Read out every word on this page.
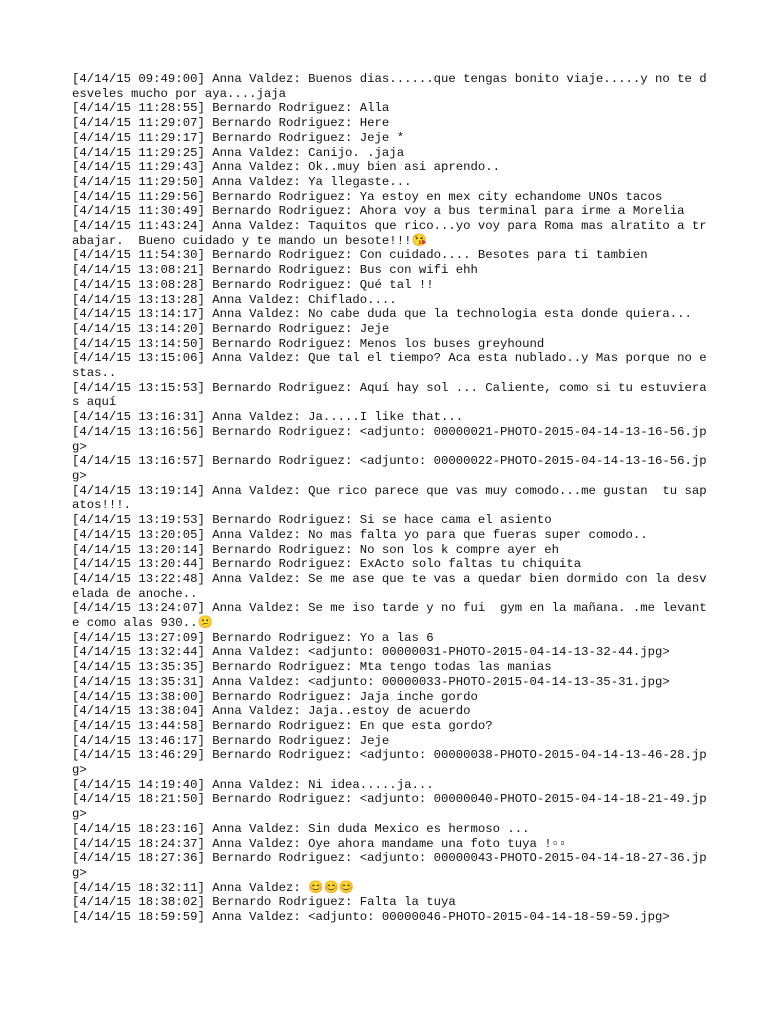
[4/14/15 09:49:00] Anna Valdez: Buenos dias......que tengas bonito viaje.....y no te desveles mucho por aya....jaja
[4/14/15 11:28:55] Bernardo Rodriguez: Alla
[4/14/15 11:29:07] Bernardo Rodriguez: Here
[4/14/15 11:29:17] Bernardo Rodriguez: Jeje *
[4/14/15 11:29:25] Anna Valdez: Canijo. .jaja
[4/14/15 11:29:43] Anna Valdez: Ok..muy bien asi aprendo..
[4/14/15 11:29:50] Anna Valdez: Ya llegaste...
[4/14/15 11:29:56] Bernardo Rodriguez: Ya estoy en mex city echandome UNOs tacos
[4/14/15 11:30:49] Bernardo Rodriguez: Ahora voy a bus terminal para irme a Morelia
[4/14/15 11:43:24] Anna Valdez: Taquitos que rico...yo voy para Roma mas alratito a trabajar.  Bueno cuidado y te mando un besote!!!😘
[4/14/15 11:54:30] Bernardo Rodriguez: Con cuidado.... Besotes para ti tambien
[4/14/15 13:08:21] Bernardo Rodriguez: Bus con wifi ehh
[4/14/15 13:08:28] Bernardo Rodriguez: Qué tal !!
[4/14/15 13:13:28] Anna Valdez: Chiflado....
[4/14/15 13:14:17] Anna Valdez: No cabe duda que la technologia esta donde quiera...
[4/14/15 13:14:20] Bernardo Rodriguez: Jeje
[4/14/15 13:14:50] Bernardo Rodriguez: Menos los buses greyhound
[4/14/15 13:15:06] Anna Valdez: Que tal el tiempo? Aca esta nublado..y Mas porque no estas..
[4/14/15 13:15:53] Bernardo Rodriguez: Aquí hay sol ... Caliente, como si tu estuvieras aquí
[4/14/15 13:16:31] Anna Valdez: Ja.....I like that...
[4/14/15 13:16:56] Bernardo Rodriguez: <adjunto: 00000021-PHOTO-2015-04-14-13-16-56.jpg>
[4/14/15 13:16:57] Bernardo Rodriguez: <adjunto: 00000022-PHOTO-2015-04-14-13-16-56.jpg>
[4/14/15 13:19:14] Anna Valdez: Que rico parece que vas muy comodo...me gustan  tu sapatos!!!.
[4/14/15 13:19:53] Bernardo Rodriguez: Si se hace cama el asiento
[4/14/15 13:20:05] Anna Valdez: No mas falta yo para que fueras super comodo..
[4/14/15 13:20:14] Bernardo Rodriguez: No son los k compre ayer eh
[4/14/15 13:20:44] Bernardo Rodriguez: ExActo solo faltas tu chiquita
[4/14/15 13:22:48] Anna Valdez: Se me ase que te vas a quedar bien dormido con la desvelada de anoche..
[4/14/15 13:24:07] Anna Valdez: Se me iso tarde y no fui  gym en la mañana. .me levante como alas 930..😕
[4/14/15 13:27:09] Bernardo Rodriguez: Yo a las 6
[4/14/15 13:32:44] Anna Valdez: <adjunto: 00000031-PHOTO-2015-04-14-13-32-44.jpg>
[4/14/15 13:35:35] Bernardo Rodriguez: Mta tengo todas las manias
[4/14/15 13:35:31] Anna Valdez: <adjunto: 00000033-PHOTO-2015-04-14-13-35-31.jpg>
[4/14/15 13:38:00] Bernardo Rodriguez: Jaja inche gordo
[4/14/15 13:38:04] Anna Valdez: Jaja..estoy de acuerdo
[4/14/15 13:44:58] Bernardo Rodriguez: En que esta gordo?
[4/14/15 13:46:17] Bernardo Rodriguez: Jeje
[4/14/15 13:46:29] Bernardo Rodriguez: <adjunto: 00000038-PHOTO-2015-04-14-13-46-28.jpg>
[4/14/15 14:19:40] Anna Valdez: Ni idea.....ja...
[4/14/15 18:21:50] Bernardo Rodriguez: <adjunto: 00000040-PHOTO-2015-04-14-18-21-49.jpg>
[4/14/15 18:23:16] Anna Valdez: Sin duda Mexico es hermoso ...
[4/14/15 18:24:37] Anna Valdez: Oye ahora mandame una foto tuya !▫▫
[4/14/15 18:27:36] Bernardo Rodriguez: <adjunto: 00000043-PHOTO-2015-04-14-18-27-36.jpg>
[4/14/15 18:32:11] Anna Valdez: 😊😊😊
[4/14/15 18:38:02] Bernardo Rodriguez: Falta la tuya
[4/14/15 18:59:59] Anna Valdez: <adjunto: 00000046-PHOTO-2015-04-14-18-59-59.jpg>
